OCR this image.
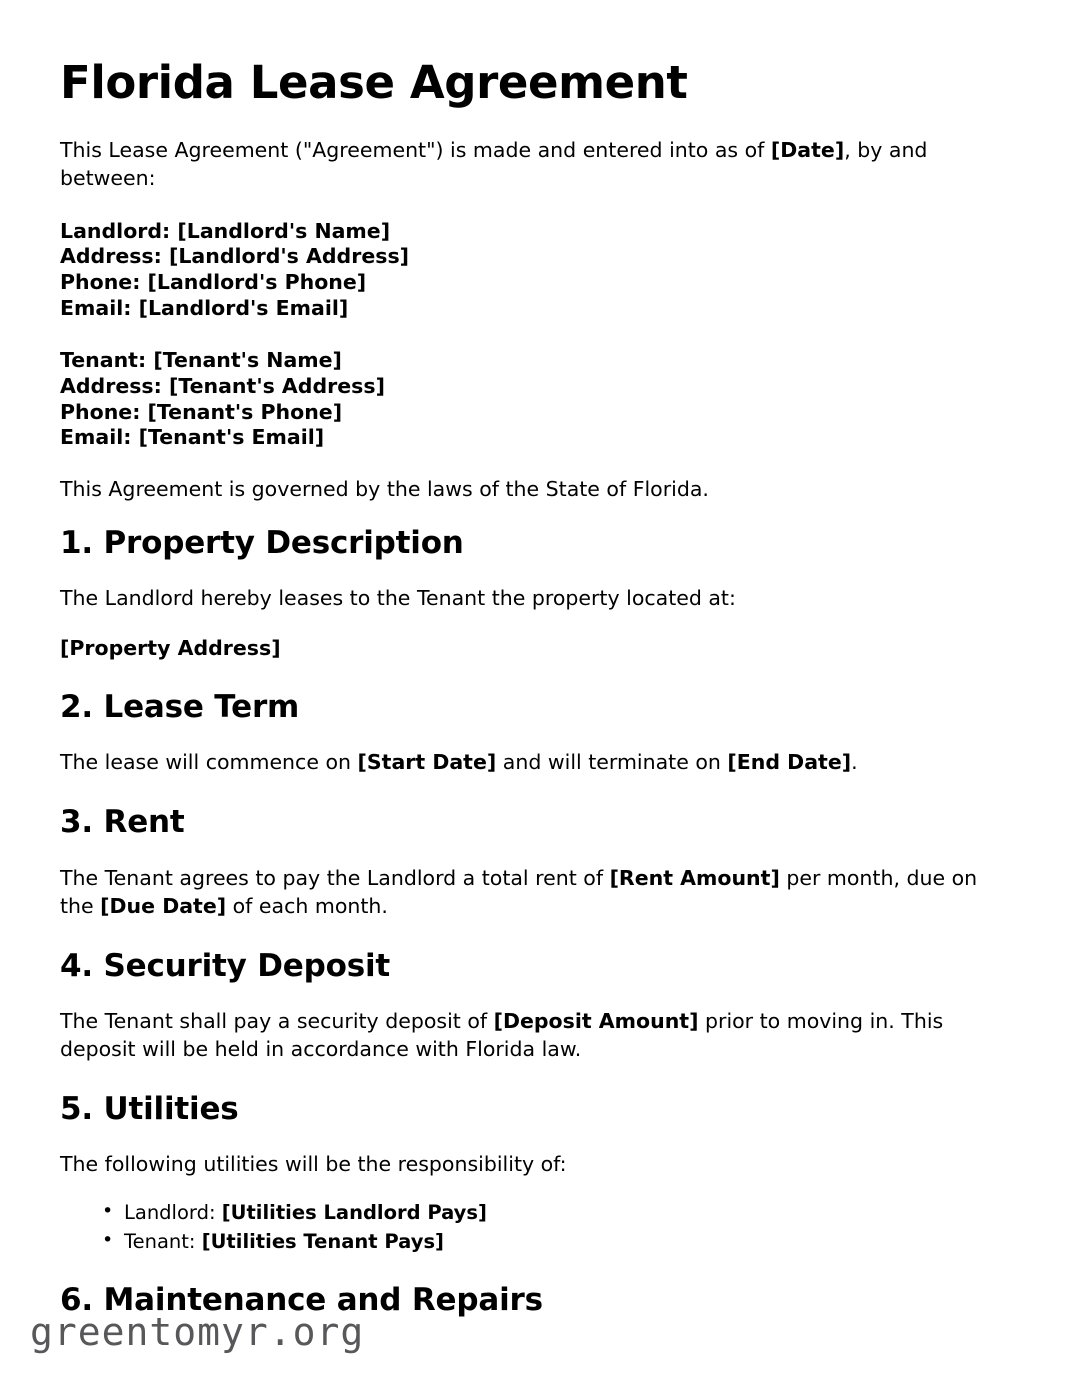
Florida Lease Agreement

This Lease Agreement ("Agreement") is made and entered into as of [Date], by and between:

Landlord: [Landlord's Name]
Address: [Landlord's Address]
Phone: [Landlord's Phone]
Email: [Landlord's Email]
Tenant: [Tenant's Name]
Address: [Tenant's Address]
Phone: [Tenant's Phone]
Email: [Tenant's Email]

This Agreement is governed by the laws of the State of Florida.

1. Property Description

The Landlord hereby leases to the Tenant the property located at:

[Property Address]

2. Lease Term

The lease will commence on [Start Date] and will terminate on [End Date].

3. Rent

The Tenant agrees to pay the Landlord a total rent of [Rent Amount] per month, due on the [Due Date] of each month.

4. Security Deposit

The Tenant shall pay a security deposit of [Deposit Amount] prior to moving in. This deposit will be held in accordance with Florida law.

5. Utilities

The following utilities will be the responsibility of:

• Landlord: [Utilities Landlord Pays]
• Tenant: [Utilities Tenant Pays]
6. Maintenance and Repairs
greentomyr.org
